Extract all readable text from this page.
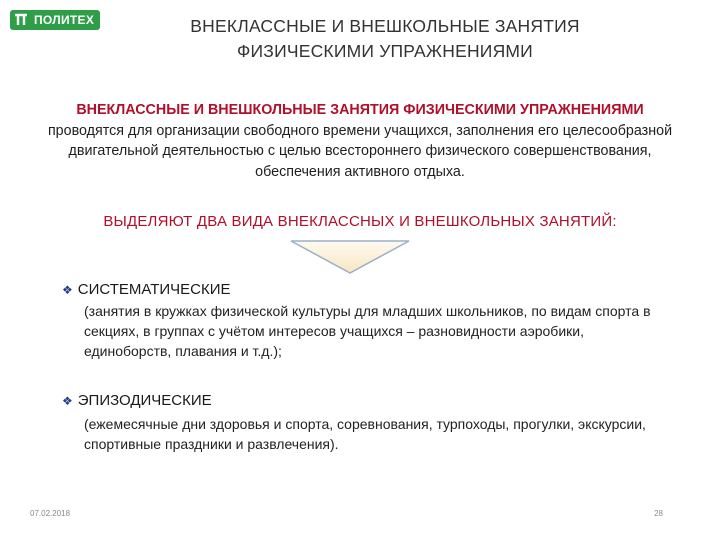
ПОЛИТЕХ	ВНЕКЛАССНЫЕ И ВНЕШКОЛЬНЫЕ ЗАНЯТИЯ
ФИЗИЧЕСКИМИ УПРАЖНЕНИЯМИ
ВНЕКЛАССНЫЕ И ВНЕШКОЛЬНЫЕ ЗАНЯТИЯ ФИЗИЧЕСКИМИ УПРАЖНЕНИЯМИ
проводятся для организации свободного времени учащихся, заполнения его целесообразной двигательной деятельностью с целью всестороннего физического совершенствования, обеспечения активного отдыха.
ВЫДЕЛЯЮТ ДВА ВИДА ВНЕКЛАССНЫХ И ВНЕШКОЛЬНЫХ ЗАНЯТИЙ:
❖ СИСТЕМАТИЧЕСКИЕ
(занятия в кружках физической культуры для младших школьников, по видам спорта в секциях, в группах с учётом интересов учащихся – разновидности аэробики, единоборств, плавания и т.д.);
❖ ЭПИЗОДИЧЕСКИЕ
(ежемесячные дни здоровья и спорта, соревнования, турпоходы, прогулки, экскурсии, спортивные праздники и развлечения).
07.02.2018	28
